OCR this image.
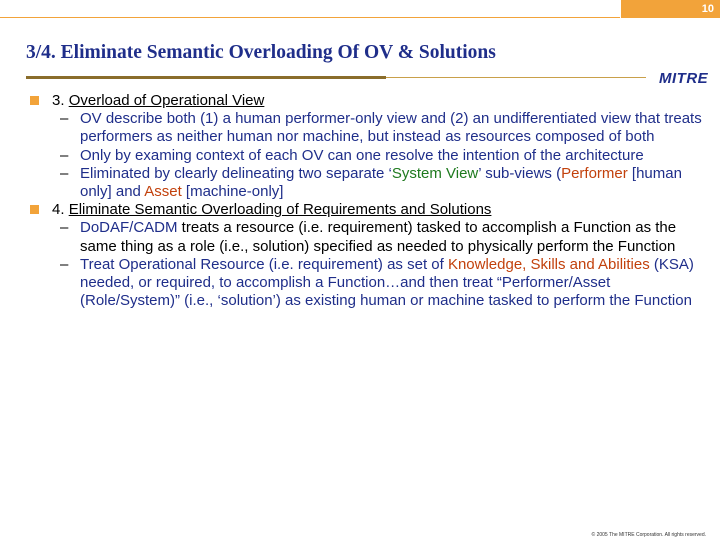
10
3/4. Eliminate Semantic Overloading Of OV & Solutions
MITRE
3. Overload of Operational View
– OV describe both (1) a human performer-only view and (2) an undifferentiated view that treats performers as neither human nor machine, but instead as resources composed of both
– Only by examing context of each OV can one resolve the intention of the architecture
– Eliminated by clearly delineating two separate ‘System View’ sub-views (Performer [human only] and Asset [machine-only]
4. Eliminate Semantic Overloading of Requirements and Solutions
– DoDAF/CADM treats a resource (i.e. requirement) tasked to accomplish a Function as the same thing as a role (i.e., solution) specified as needed to physically perform the Function
– Treat Operational Resource (i.e. requirement) as set of Knowledge, Skills and Abilities (KSA) needed, or required, to accomplish a Function…and then treat “Performer/Asset (Role/System)” (i.e., ‘solution’) as existing human or machine tasked to perform the Function
© 2005 The MITRE Corporation. All rights reserved.
